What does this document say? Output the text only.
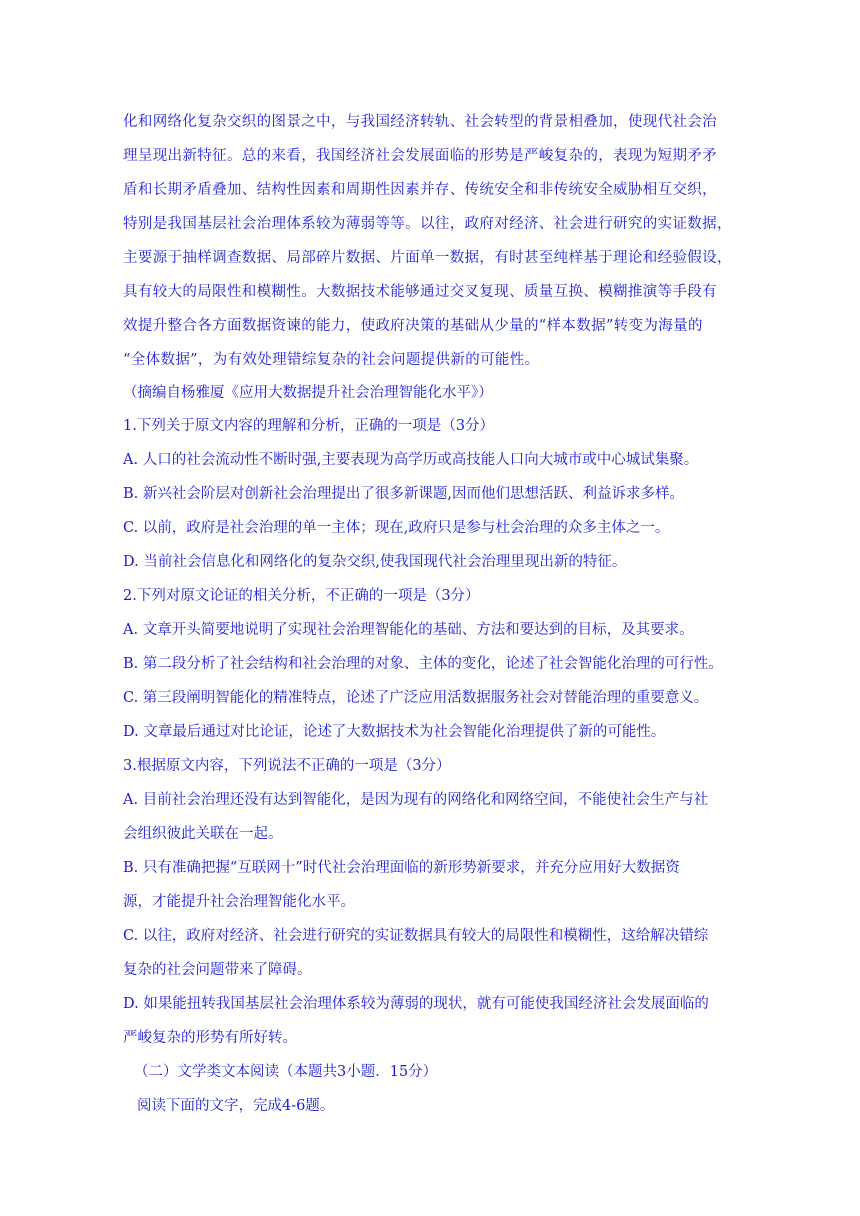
化和网络化复杂交织的图景之中，与我国经济转轨、社会转型的背景相叠加，使现代社会治
理呈现出新特征。总的来看，我国经济社会发展面临的形势是严峻复杂的，表现为短期矛矛
盾和长期矛盾叠加、结构性因素和周期性因素并存、传统安全和非传统安全威胁相互交织，
特别是我国基层社会治理体系较为薄弱等等。以往，政府对经济、社会进行研究的实证数据，
主要源于抽样调查数据、局部碎片数据、片面单一数据，有时甚至纯样基于理论和经验假设，
具有较大的局限性和模糊性。大数据技术能够通过交叉复现、质量互换、模糊推演等手段有
效提升整合各方面数据资谏的能力，使政府决策的基础从少量的“样本数据”转变为海量的
“全体数据”，为有效处理错综复杂的社会问题提供新的可能性。
（摘编自杨雅厦《应用大数据提升社会治理智能化水平》）
1.下列关于原文内容的理解和分析，正确的一项是（3分）
A. 人口的社会流动性不断时强,主要表现为高学历或高技能人口向大城市或中心城试集聚。
B. 新兴社会阶层对创新社会治理提出了很多新课题,因而他们思想活跃、利益诉求多样。
C. 以前，政府是社会治理的单一主体；现在,政府只是参与杜会治理的众多主体之一。
D. 当前社会信息化和网络化的复杂交织,使我国现代社会治理里现出新的特征。
2.下列对原文论证的相关分析，不正确的一项是（3分）
A. 文章开头简要地说明了实现社会治理智能化的基础、方法和要达到的目标，及其要求。
B. 第二段分析了社会结构和社会治理的对象、主体的变化，论述了社会智能化治理的可行性。
C. 第三段阐明智能化的精准特点，论述了广泛应用活数据服务社会对替能治理的重要意义。
D. 文章最后通过对比论证，论述了大数据技术为社会智能化治理提供了新的可能性。
3.根据原文内容，下列说法不正确的一项是（3分）
A. 目前社会治理还没有达到智能化，是因为现有的网络化和网络空间，不能使社会生产与社
会组织彼此关联在一起。
B. 只有准确把握“互联网十”时代社会治理面临的新形势新要求，并充分应用好大数据资
源，才能提升社会治理智能化水平。
C. 以往，政府对经济、社会进行研究的实证数据具有较大的局限性和模糊性，这给解决错综
复杂的社会问题带来了障碍。
D. 如果能扭转我国基层社会治理体系较为薄弱的现状，就有可能使我国经济社会发展面临的
严峻复杂的形势有所好转。
（二）文学类文本阅读（本题共3小题．15分）
阅读下面的文字，完成4-6题。
